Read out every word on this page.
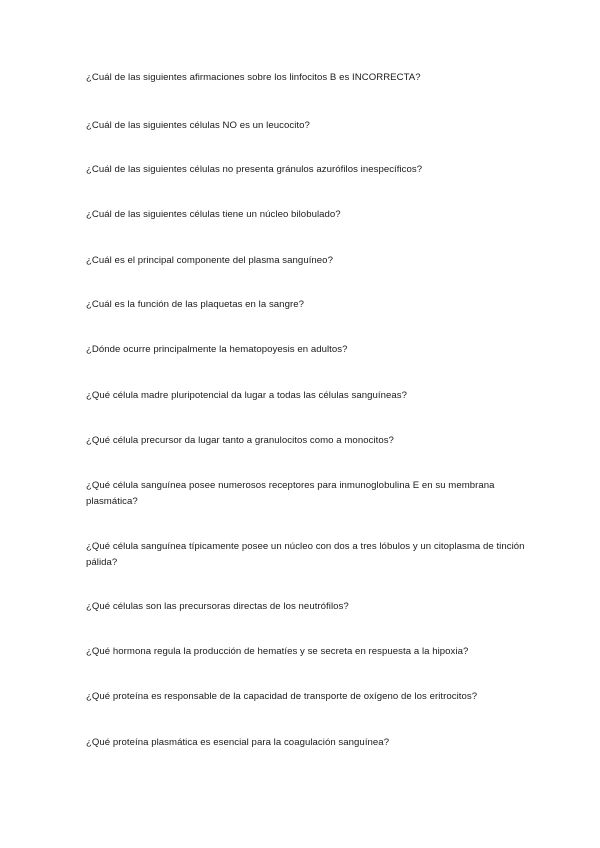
¿Cuál de las siguientes afirmaciones sobre los linfocitos B es INCORRECTA?
¿Cuál de las siguientes células NO es un leucocito?
¿Cuál de las siguientes células no presenta gránulos azurófilos inespecíficos?
¿Cuál de las siguientes células tiene un núcleo bilobulado?
¿Cuál es el principal componente del plasma sanguíneo?
¿Cuál es la función de las plaquetas en la sangre?
¿Dónde ocurre principalmente la hematopoyesis en adultos?
¿Qué célula madre pluripotencial da lugar a todas las células sanguíneas?
¿Qué célula precursor da lugar tanto a granulocitos como a monocitos?
¿Qué célula sanguínea posee numerosos receptores para inmunoglobulina E en su membrana plasmática?
¿Qué célula sanguínea típicamente posee un núcleo con dos a tres lóbulos y un citoplasma de tinción pálida?
¿Qué células son las precursoras directas de los neutrófilos?
¿Qué hormona regula la producción de hematíes y se secreta en respuesta a la hipoxia?
¿Qué proteína es responsable de la capacidad de transporte de oxígeno de los eritrocitos?
¿Qué proteína plasmática es esencial para la coagulación sanguínea?
